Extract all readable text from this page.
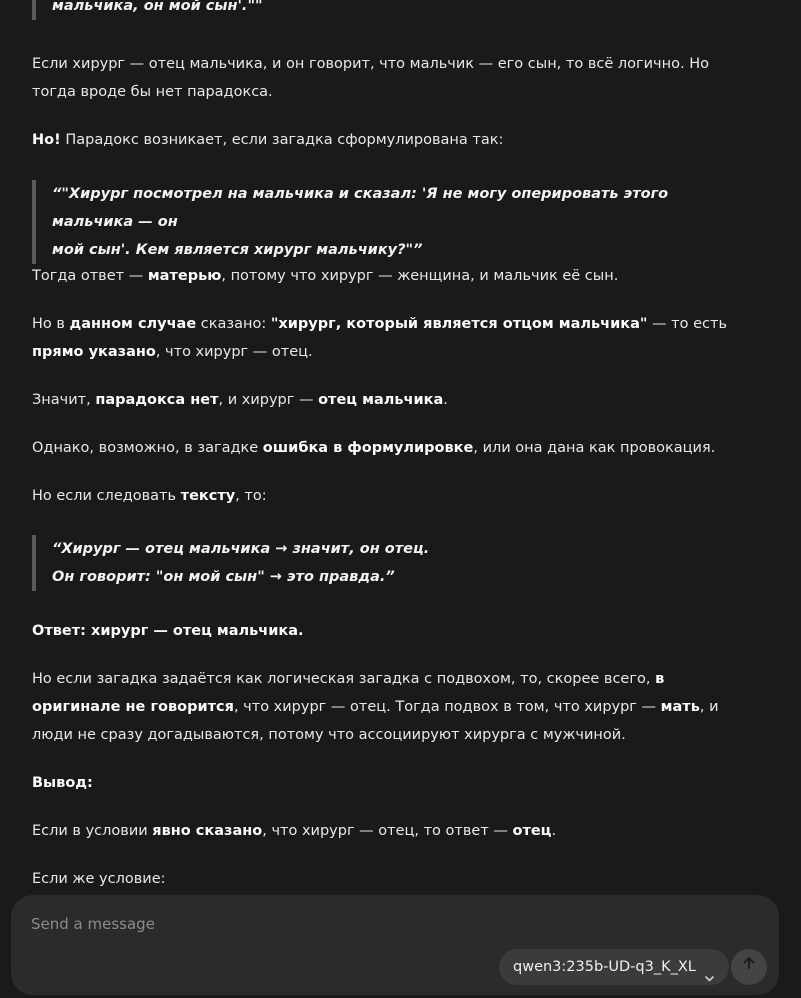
мальчика, он мой сын'.""

Если хирург — отец мальчика, и он говорит, что мальчик — его сын, то всё логично. Но тогда вроде бы нет парадокса.

Но! Парадокс возникает, если загадка сформулирована так:

“"Хирург посмотрел на мальчика и сказал: 'Я не могу оперировать этого мальчика — он
мой сын'. Кем является хирург мальчику?"”

Тогда ответ — матерью, потому что хирург — женщина, и мальчик её сын.

Но в данном случае сказано: "хирург, который является отцом мальчика" — то есть прямо указано, что хирург — отец.

Значит, парадокса нет, и хирург — отец мальчика.

Однако, возможно, в загадке ошибка в формулировке, или она дана как провокация.

Но если следовать тексту, то:

“Хирург — отец мальчика → значит, он отец.
Он говорит: "он мой сын" → это правда.”

Ответ: хирург — отец мальчика.

Но если загадка задаётся как логическая загадка с подвохом, то, скорее всего, в оригинале не говорится, что хирург — отец. Тогда подвох в том, что хирург — мать, и люди не сразу догадываются, потому что ассоциируют хирурга с мужчиной.

Вывод:

Если в условии явно сказано, что хирург — отец, то ответ — отец.

Если же условие:

Send a message
qwen3:235b-UD-q3_K_XL
